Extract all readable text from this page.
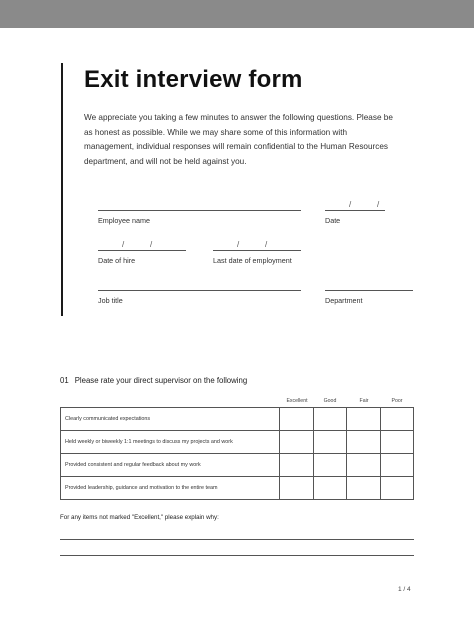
Exit interview form
We appreciate you taking a few minutes to answer the following questions. Please be as honest as possible. While we may share some of this information with management, individual responses will remain confidential to the Human Resources department, and will not be held against you.
Employee name
/	/
Date
/	/
Date of hire
/	/
Last date of employment
Job title	Department
01 Please rate your direct supervisor on the following
Excellent	Good	Fair	Poor
Clearly communicated expectations				
Held weekly or biweekly 1:1 meetings to discuss my projects and work				
Provided consistent and regular feedback about my work				
Provided leadership, guidance and motivation to the entire team				
For any items not marked "Excellent," please explain why:
1 / 4
